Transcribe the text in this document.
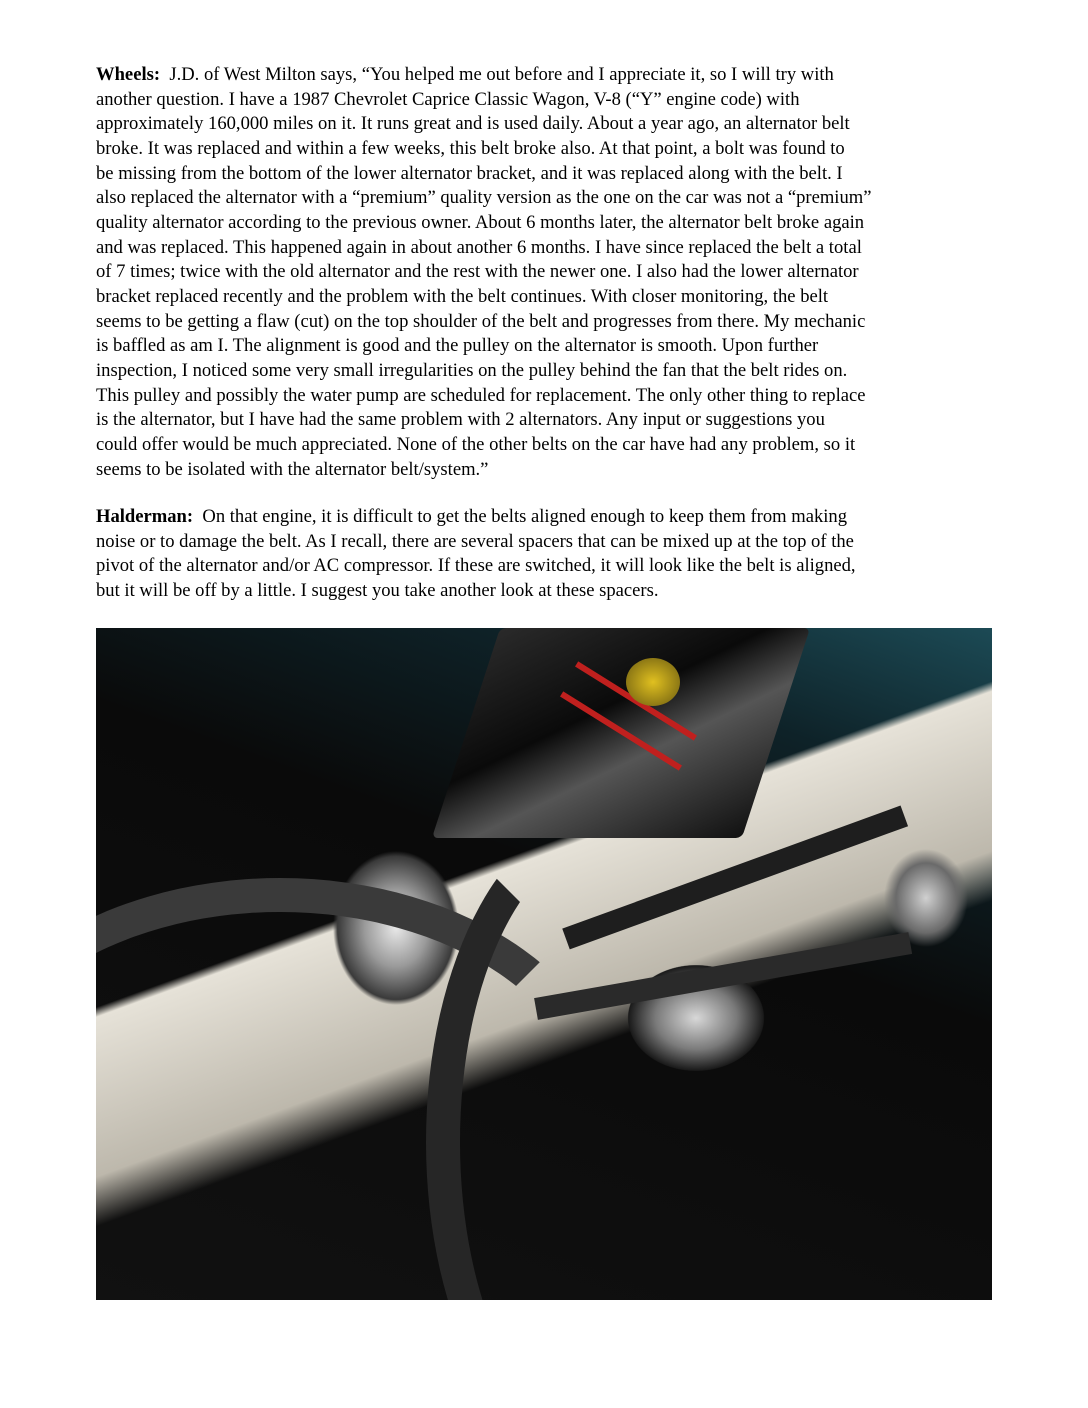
Wheels: J.D. of West Milton says, “You helped me out before and I appreciate it, so I will try with
another question. I have a 1987 Chevrolet Caprice Classic Wagon, V-8 (“Y” engine code) with
approximately 160,000 miles on it. It runs great and is used daily. About a year ago, an alternator belt
broke. It was replaced and within a few weeks, this belt broke also. At that point, a bolt was found to
be missing from the bottom of the lower alternator bracket, and it was replaced along with the belt. I
also replaced the alternator with a “premium” quality version as the one on the car was not a “premium”
quality alternator according to the previous owner. About 6 months later, the alternator belt broke again
and was replaced. This happened again in about another 6 months. I have since replaced the belt a total
of 7 times; twice with the old alternator and the rest with the newer one. I also had the lower alternator
bracket replaced recently and the problem with the belt continues. With closer monitoring, the belt
seems to be getting a flaw (cut) on the top shoulder of the belt and progresses from there. My mechanic
is baffled as am I. The alignment is good and the pulley on the alternator is smooth. Upon further
inspection, I noticed some very small irregularities on the pulley behind the fan that the belt rides on.
This pulley and possibly the water pump are scheduled for replacement. The only other thing to replace
is the alternator, but I have had the same problem with 2 alternators. Any input or suggestions you
could offer would be much appreciated. None of the other belts on the car have had any problem, so it
seems to be isolated with the alternator belt/system.”
Halderman: On that engine, it is difficult to get the belts aligned enough to keep them from making
noise or to damage the belt. As I recall, there are several spacers that can be mixed up at the top of the
pivot of the alternator and/or AC compressor. If these are switched, it will look like the belt is aligned,
but it will be off by a little. I suggest you take another look at these spacers.
